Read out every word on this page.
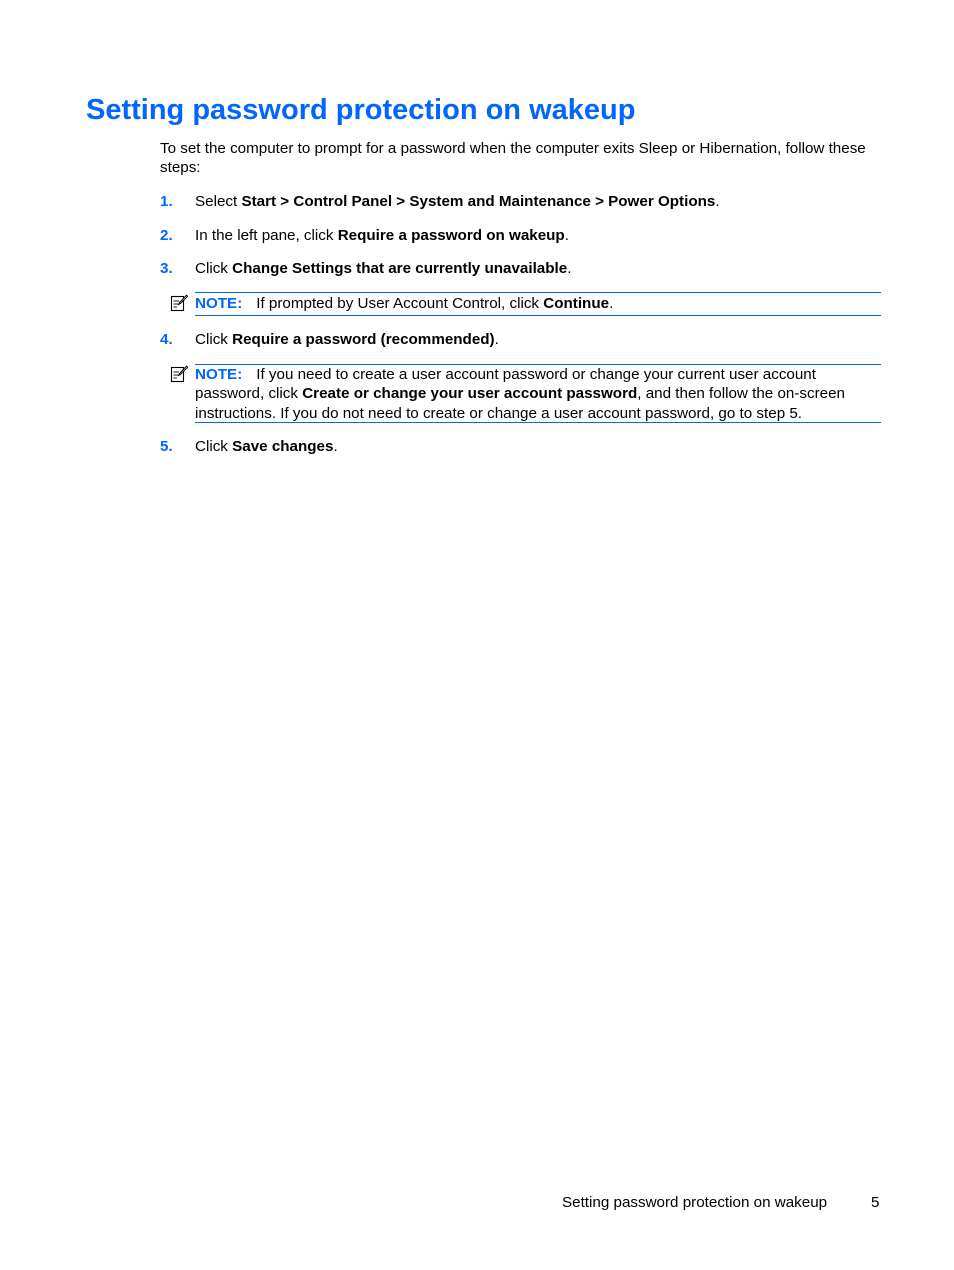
Setting password protection on wakeup

To set the computer to prompt for a password when the computer exits Sleep or Hibernation, follow these steps:

1. Select Start > Control Panel > System and Maintenance > Power Options.
2. In the left pane, click Require a password on wakeup.
3. Click Change Settings that are currently unavailable.
NOTE: If prompted by User Account Control, click Continue.
4. Click Require a password (recommended).
NOTE: If you need to create a user account password or change your current user account password, click Create or change your user account password, and then follow the on-screen instructions. If you do not need to create or change a user account password, go to step 5.
5. Click Save changes.
Setting password protection on wakeup	5
